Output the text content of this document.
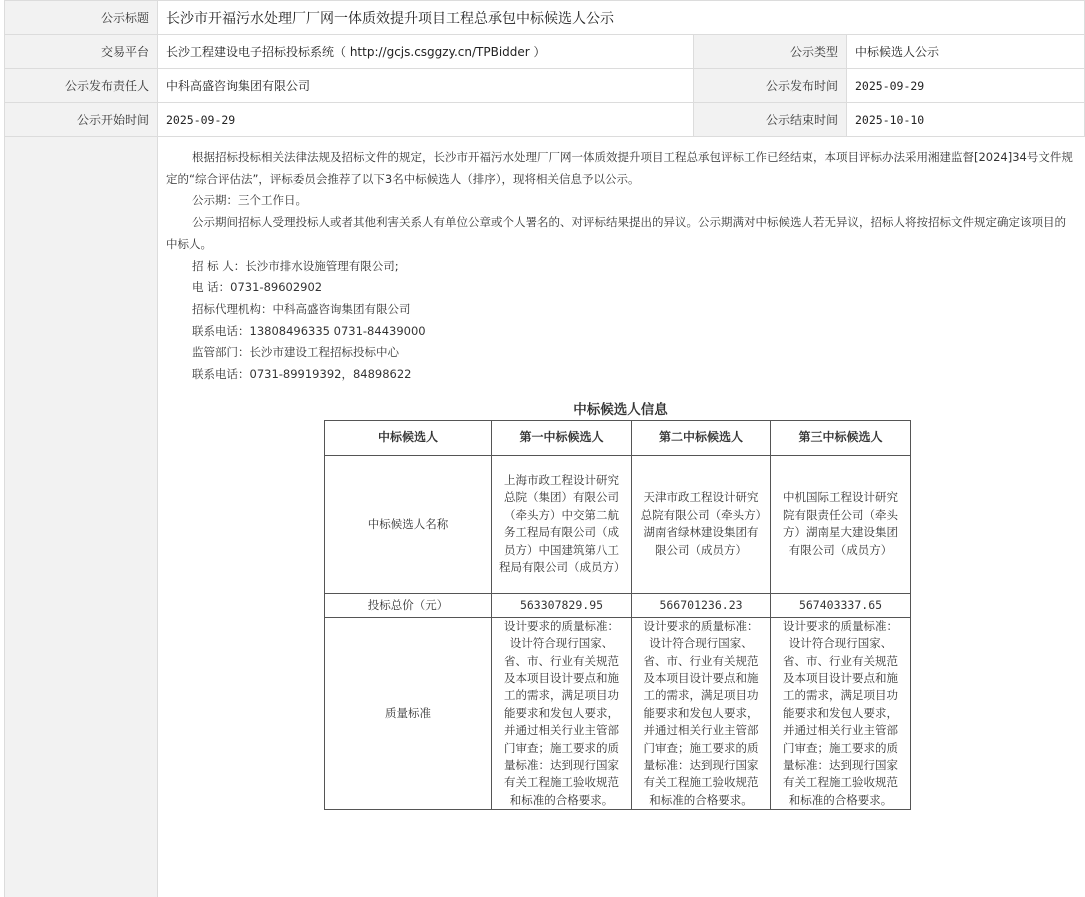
公示标题	长沙市开福污水处理厂厂网一体质效提升项目工程总承包中标候选人公示		
交易平台	长沙工程建设电子招标投标系统（ http://gcjs.csggzy.cn/TPBidder ）	公示类型	中标候选人公示
公示发布责任人	中科高盛咨询集团有限公司	公示发布时间	2025-09-29
公示开始时间	2025-09-29	公示结束时间	2025-10-10

根据招标投标相关法律法规及招标文件的规定，长沙市开福污水处理厂厂网一体质效提升项目工程总承包评标工作已经结束，本项目评标办法采用湘建监督[2024]34号文件规定的“综合评估法”，评标委员会推荐了以下3名中标候选人（排序），现将相关信息予以公示。

公示期：三个工作日。

公示期间招标人受理投标人或者其他利害关系人有单位公章或个人署名的、对评标结果提出的异议。公示期满对中标候选人若无异议，招标人将按招标文件规定确定该项目的中标人。

招 标 人：长沙市排水设施管理有限公司;

电 话：0731-89602902

招标代理机构：中科高盛咨询集团有限公司

联系电话：13808496335 0731-84439000

监管部门：长沙市建设工程招标投标中心

联系电话：0731-89919392，84898622

中标候选人信息
中标候选人	第一中标候选人	第二中标候选人	第三中标候选人
中标候选人名称	上海市政工程设计研究总院（集团）有限公司（牵头方）中交第二航务工程局有限公司（成员方）中国建筑第八工程局有限公司（成员方）	天津市政工程设计研究总院有限公司（牵头方）湖南省绿林建设集团有限公司（成员方）	中机国际工程设计研究院有限责任公司（牵头方）湖南星大建设集团有限公司（成员方）
投标总价（元）	563307829.95	566701236.23	567403337.65
质量标准	设计要求的质量标准：设计符合现行国家、省、市、行业有关规范及本项目设计要点和施工的需求，满足项目功能要求和发包人要求，并通过相关行业主管部门审查；施工要求的质量标准：达到现行国家有关工程施工验收规范和标准的合格要求。	设计要求的质量标准：设计符合现行国家、省、市、行业有关规范及本项目设计要点和施工的需求，满足项目功能要求和发包人要求，并通过相关行业主管部门审查；施工要求的质量标准：达到现行国家有关工程施工验收规范和标准的合格要求。	设计要求的质量标准：设计符合现行国家、省、市、行业有关规范及本项目设计要点和施工的需求，满足项目功能要求和发包人要求，并通过相关行业主管部门审查；施工要求的质量标准：达到现行国家有关工程施工验收规范和标准的合格要求。
